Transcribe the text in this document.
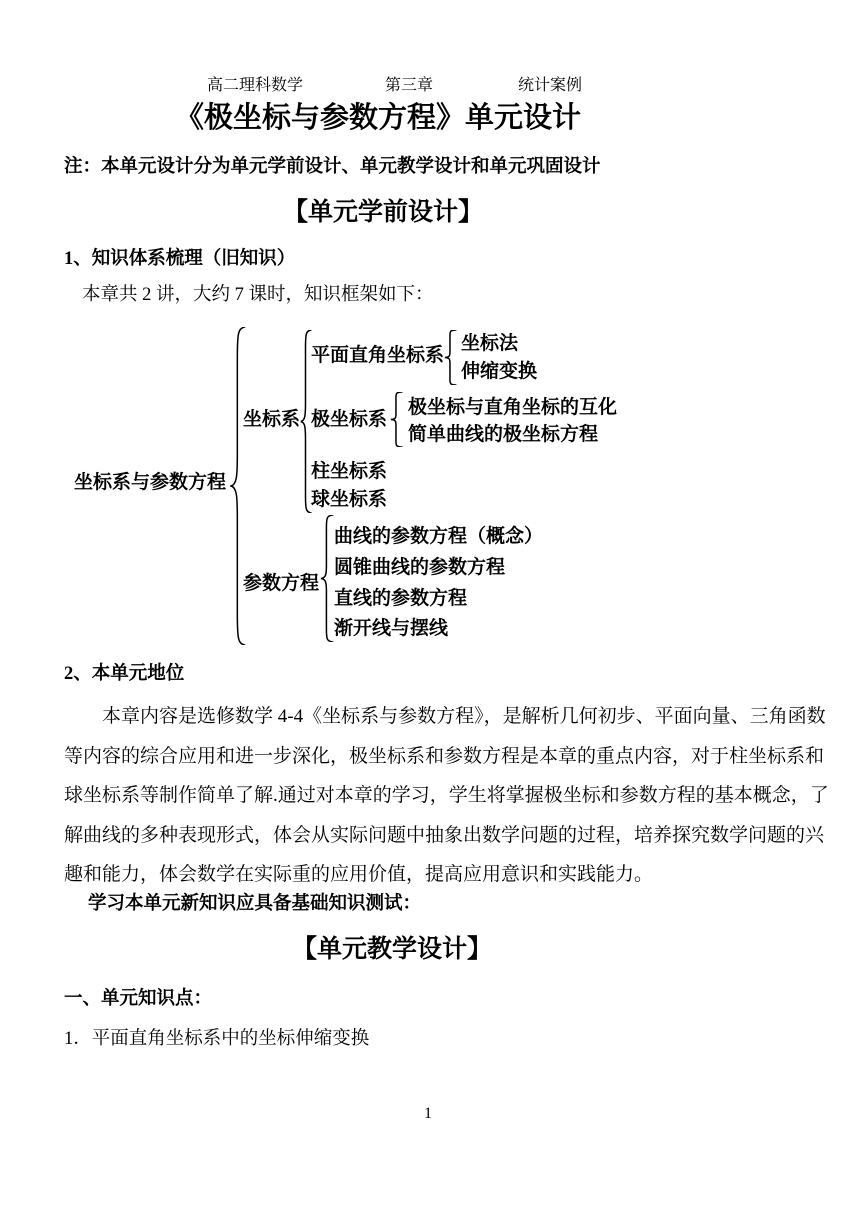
高二理科数学	第三章	统计案例
《极坐标与参数方程》单元设计
注：本单元设计分为单元学前设计、单元教学设计和单元巩固设计
【单元学前设计】
1、知识体系梳理（旧知识）
本章共 2 讲，大约 7 课时，知识框架如下：
坐标系与参数方程
坐标系
平面直角坐标系
坐标法
伸缩变换
极坐标系
极坐标与直角坐标的互化
简单曲线的极坐标方程
柱坐标系
球坐标系
参数方程
曲线的参数方程（概念）
圆锥曲线的参数方程
直线的参数方程
渐开线与摆线
2、本单元地位
本章内容是选修数学 4-4《坐标系与参数方程》，是解析几何初步、平面向量、三角函数
等内容的综合应用和进一步深化，极坐标系和参数方程是本章的重点内容，对于柱坐标系和
球坐标系等制作简单了解.通过对本章的学习，学生将掌握极坐标和参数方程的基本概念，了
解曲线的多种表现形式，体会从实际问题中抽象出数学问题的过程，培养探究数学问题的兴
趣和能力，体会数学在实际重的应用价值，提高应用意识和实践能力。
学习本单元新知识应具备基础知识测试：
【单元教学设计】
一、单元知识点：
1．平面直角坐标系中的坐标伸缩变换
1
